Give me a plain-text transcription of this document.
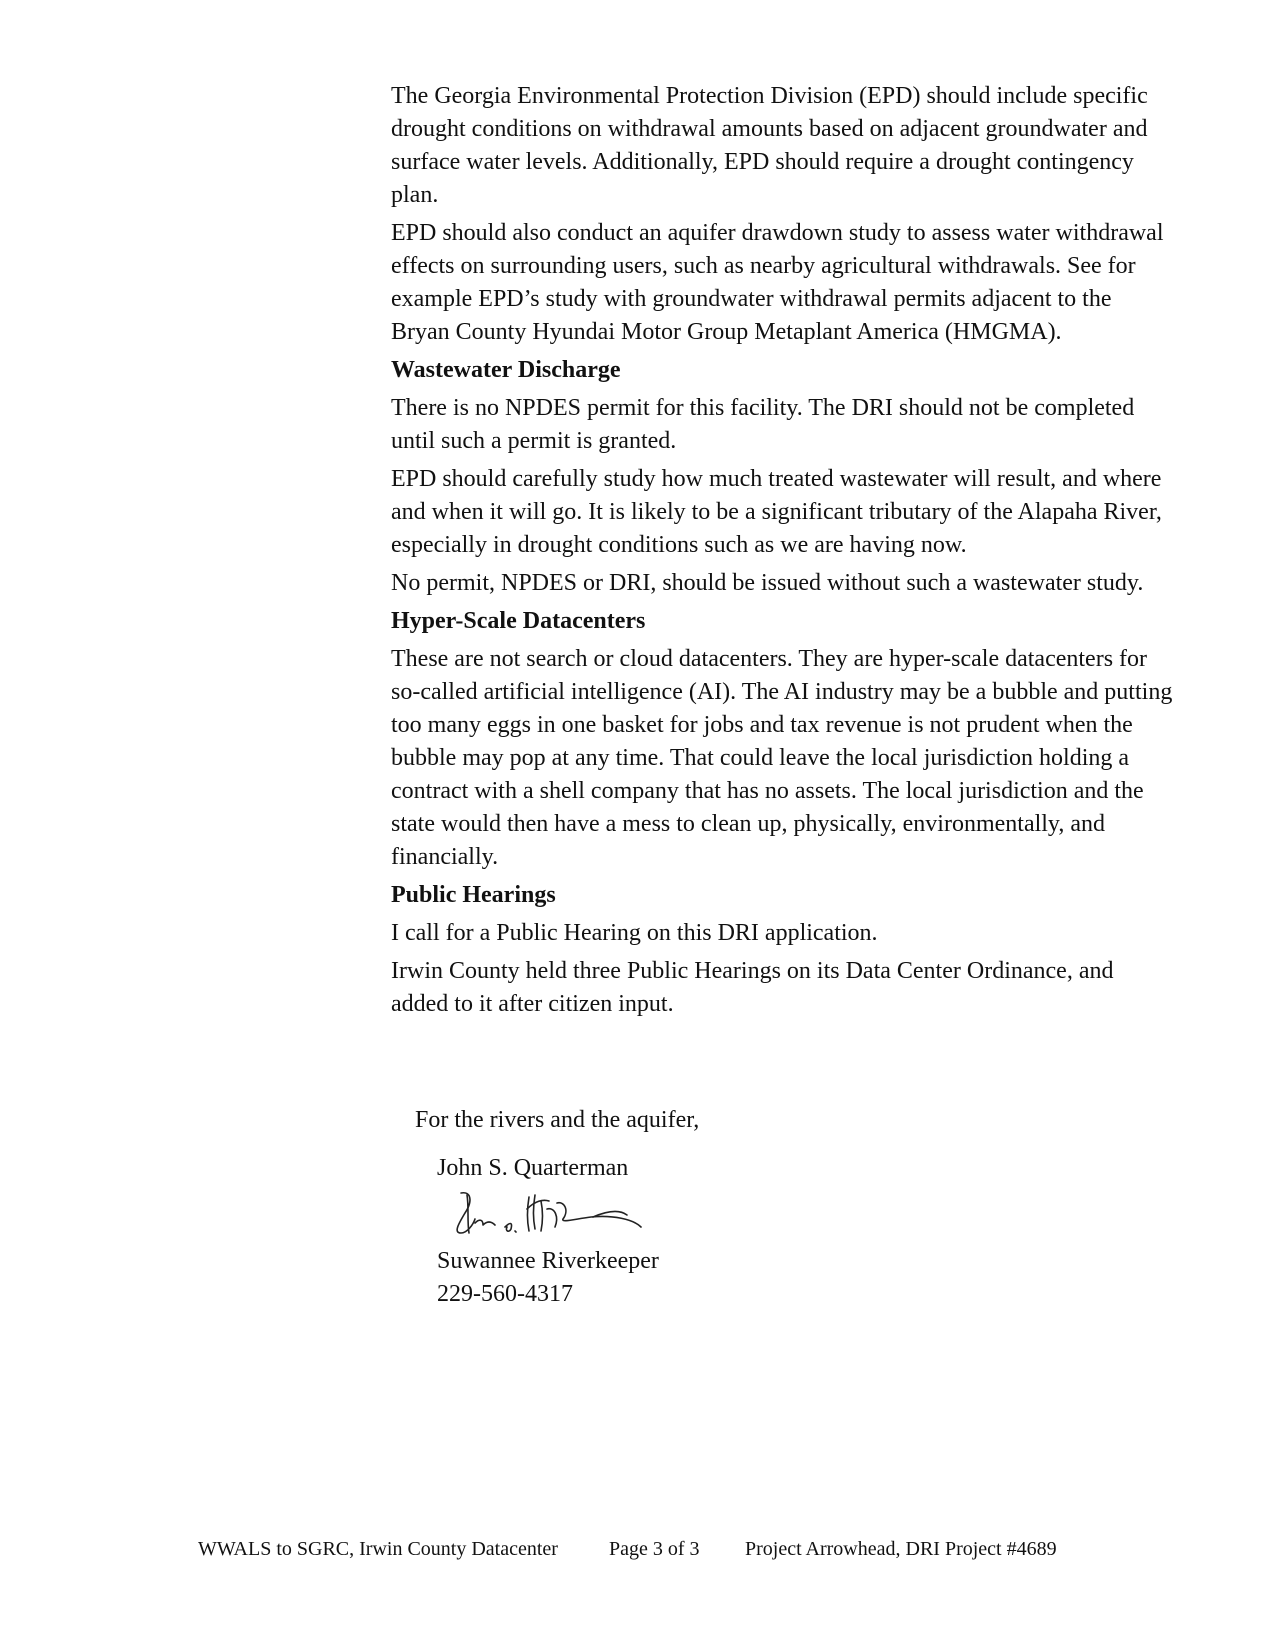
The Georgia Environmental Protection Division (EPD) should include specific drought conditions on withdrawal amounts based on adjacent groundwater and surface water levels. Additionally, EPD should require a drought contingency plan.

EPD should also conduct an aquifer drawdown study to assess water withdrawal effects on surrounding users, such as nearby agricultural withdrawals. See for example EPD’s study with groundwater withdrawal permits adjacent to the Bryan County Hyundai Motor Group Metaplant America (HMGMA).

Wastewater Discharge

There is no NPDES permit for this facility. The DRI should not be completed until such a permit is granted.

EPD should carefully study how much treated wastewater will result, and where and when it will go. It is likely to be a significant tributary of the Alapaha River, especially in drought conditions such as we are having now.

No permit, NPDES or DRI, should be issued without such a wastewater study.

Hyper-Scale Datacenters

These are not search or cloud datacenters. They are hyper-scale datacenters for so-called artificial intelligence (AI). The AI industry may be a bubble and putting too many eggs in one basket for jobs and tax revenue is not prudent when the bubble may pop at any time. That could leave the local jurisdiction holding a contract with a shell company that has no assets. The local jurisdiction and the state would then have a mess to clean up, physically, environmentally, and financially.

Public Hearings

I call for a Public Hearing on this DRI application.

Irwin County held three Public Hearings on its Data Center Ordinance, and added to it after citizen input.

For the rivers and the aquifer,

John S. Quarterman
Suwannee Riverkeeper
229-560-4317
WWALS to SGRC, Irwin County Datacenter	Page 3 of 3 Project Arrowhead, DRI Project #4689
